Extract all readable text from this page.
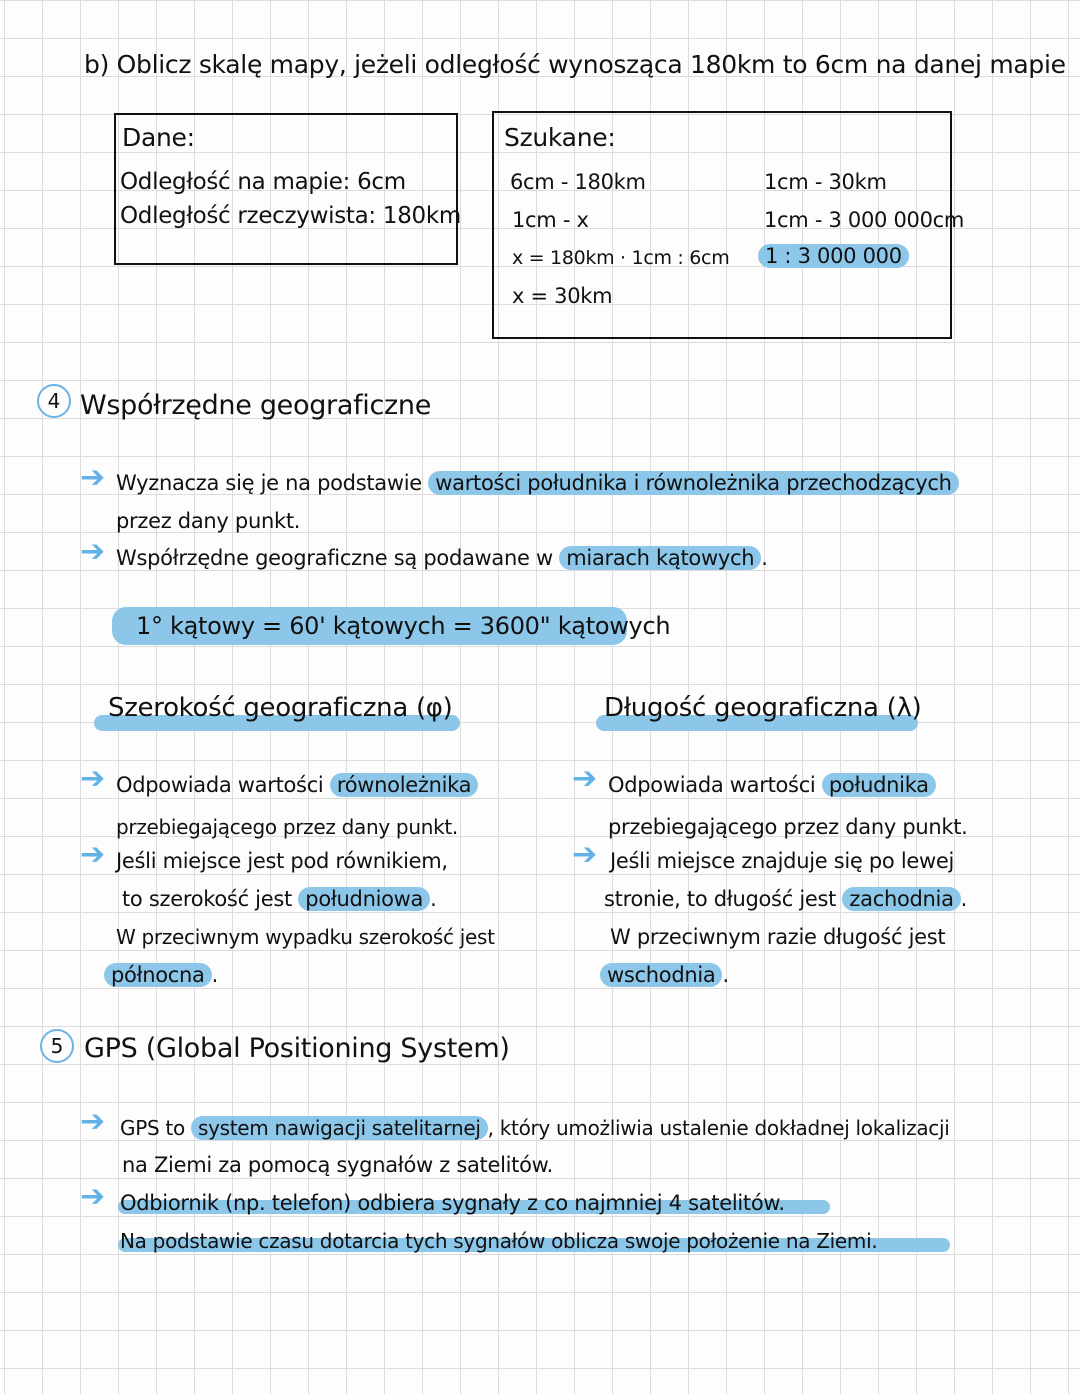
b) Oblicz skalę mapy, jeżeli odległość wynosząca 180km to 6cm na danej mapie
Dane:
Odległość na mapie: 6cm
Odległość rzeczywista: 180km
Szukane:
6cm - 180km
1cm - x
x = 180km · 1cm : 6cm
x = 30km
1cm - 30km
1cm - 3 000 000cm
1 : 3 000 000
4 Współrzędne geograficzne
➔ Wyznacza się je na podstawie wartości południka i równoleżnika przechodzących
przez dany punkt.
➔ Współrzędne geograficzne są podawane w miarach kątowych .
1° kątowy = 60' kątowych = 3600" kątowych
Szerokość geograficzna (φ)
➔ Odpowiada wartości równoleżnika
przebiegającego przez dany punkt.
➔ Jeśli miejsce jest pod równikiem,
to szerokość jest południowa .
W przeciwnym wypadku szerokość jest
północna .
Długość geograficzna (λ)
➔ Odpowiada wartości południka
przebiegającego przez dany punkt.
➔ Jeśli miejsce znajduje się po lewej
stronie, to długość jest zachodnia .
W przeciwnym razie długość jest
wschodnia .
5 GPS (Global Positioning System)
➔ GPS to system nawigacji satelitarnej , który umożliwia ustalenie dokładnej lokalizacji
na Ziemi za pomocą sygnałów z satelitów.
➔ Odbiornik (np. telefon) odbiera sygnały z co najmniej 4 satelitów.
Na podstawie czasu dotarcia tych sygnałów oblicza swoje położenie na Ziemi.
